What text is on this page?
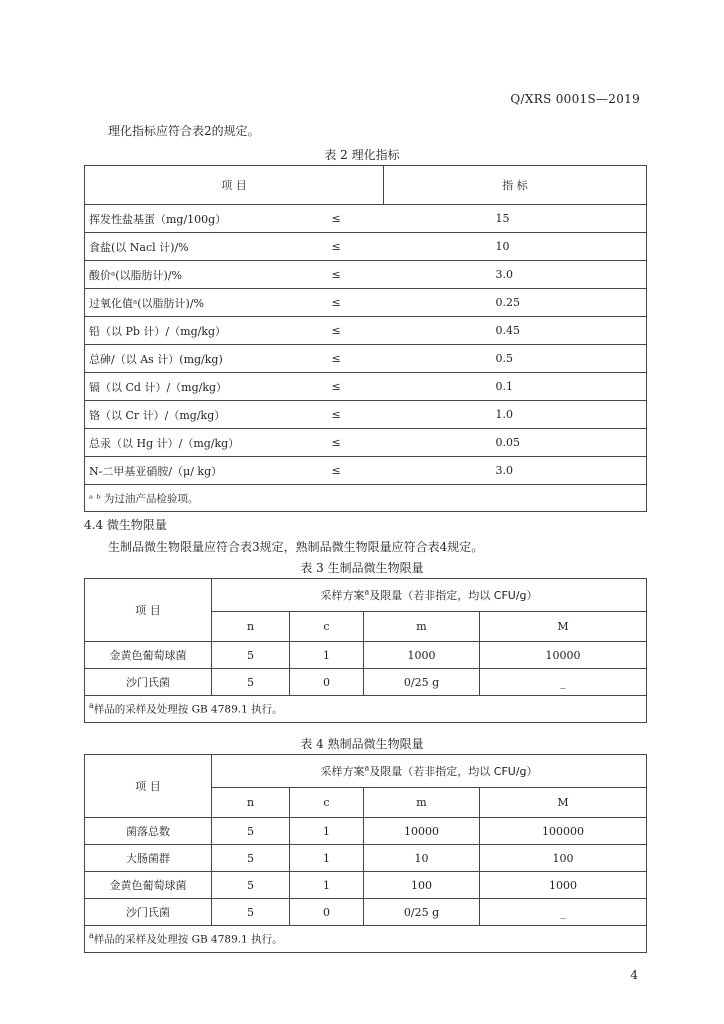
Q/XRS 0001S—2019
理化指标应符合表2的规定。
表 2 理化指标
项 目		指 标
挥发性盐基蛋（mg/100g）	≤	15
食盐(以 Nacl 计)/%	≤	10
酸价ᵃ(以脂肪计)/%	≤	3.0
过氧化值ᵃ(以脂肪计)/%	≤	0.25
铅（以 Pb 计）/（mg/kg）	≤	0.45
总砷/（以 As 计）(mg/kg)	≤	0.5
镉（以 Cd 计）/（mg/kg）	≤	0.1
铬（以 Cr 计）/（mg/kg）	≤	1.0
总汞（以 Hg 计）/（mg/kg）	≤	0.05
N-二甲基亚硝胺/（μ/ kg）	≤	3.0
ᵃ ᵇ 为过油产品检验项。		
4.4 微生物限量
生制品微生物限量应符合表3规定，熟制品微生物限量应符合表4规定。
表 3 生制品微生物限量
项 目	采样方案$^a$及限量（若非指定，均以 CFU/g）			
	n	c	m	M
金黄色葡萄球菌	5	1	1000	10000
沙门氏菌	5	0	0/25 g	_
$^a$样品的采样及处理按 GB 4789.1 执行。				
表 4 熟制品微生物限量
项 目	采样方案$^a$及限量（若非指定，均以 CFU/g）			
	n	c	m	M
菌落总数	5	1	10000	100000
大肠菌群	5	1	10	100
金黄色葡萄球菌	5	1	100	1000
沙门氏菌	5	0	0/25 g	_
$^a$样品的采样及处理按 GB 4789.1 执行。				
4
